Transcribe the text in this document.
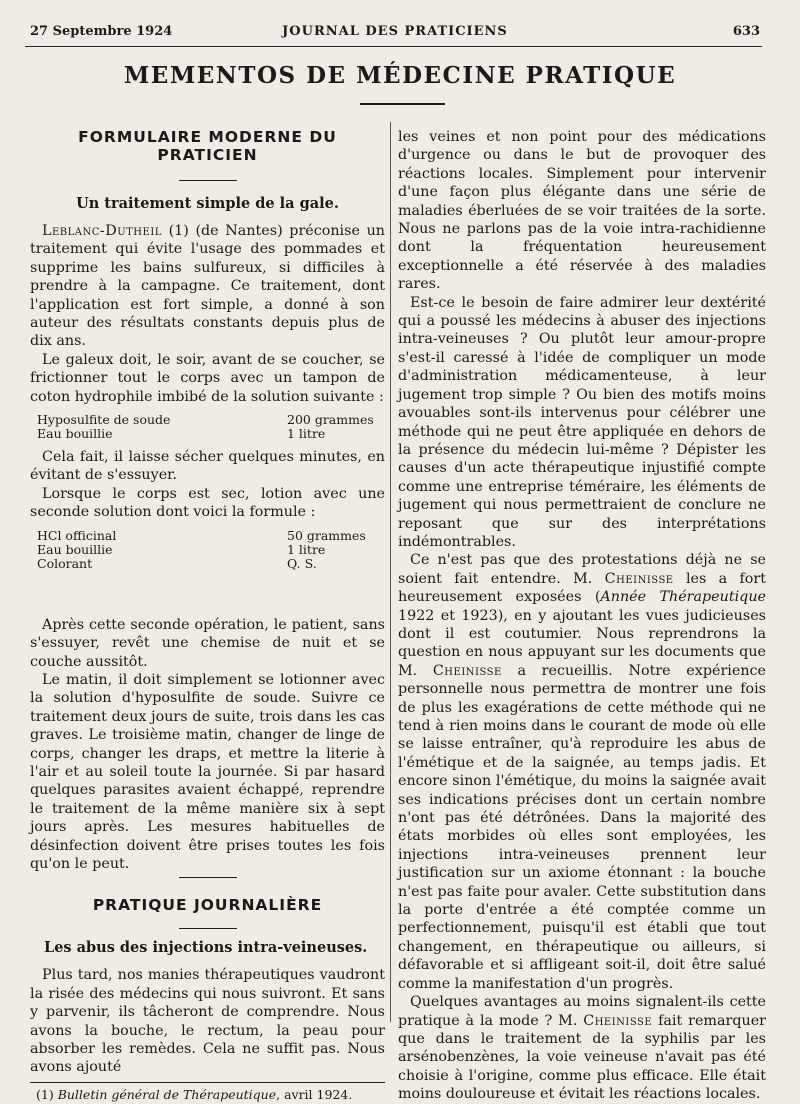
27 Septembre 1924	JOURNAL DES PRATICIENS	633
MEMENTOS DE MÉDECINE PRATIQUE
FORMULAIRE MODERNE DU PRATICIEN
Un traitement simple de la gale.

Leblanc-Dutheil (1) (de Nantes) préconise un traitement qui évite l'usage des pommades et supprime les bains sulfureux, si difficiles à prendre à la campagne. Ce traitement, dont l'application est fort simple, a donné à son auteur des résultats constants depuis plus de dix ans.

Le galeux doit, le soir, avant de se coucher, se frictionner tout le corps avec un tampon de coton hydrophile imbibé de la solution suivante :

Hyposulfite de soude	200 grammes
Eau bouillie	1 litre

Cela fait, il laisse sécher quelques minutes, en évitant de s'essuyer.

Lorsque le corps est sec, lotion avec une seconde solution dont voici la formule :

HCl officinal	50 grammes
Eau bouillie	1 litre
Colorant	Q. S.

Après cette seconde opération, le patient, sans s'essuyer, revêt une chemise de nuit et se couche aussitôt.

Le matin, il doit simplement se lotionner avec la solution d'hyposulfite de soude. Suivre ce traitement deux jours de suite, trois dans les cas graves. Le troisième matin, changer de linge de corps, changer les draps, et mettre la literie à l'air et au soleil toute la journée. Si par hasard quelques parasites avaient échappé, reprendre le traitement de la même manière six à sept jours après. Les mesures habituelles de désinfection doivent être prises toutes les fois qu'on le peut.

PRATIQUE JOURNALIÈRE
Les abus des injections intra-veineuses.

Plus tard, nos manies thérapeutiques vaudront la risée des médecins qui nous suivront. Et sans y parvenir, ils tâcheront de comprendre. Nous avons la bouche, le rectum, la peau pour absorber les remèdes. Cela ne suffit pas. Nous avons ajouté

(1) Bulletin général de Thérapeutique, avril 1924.

les veines et non point pour des médications d'urgence ou dans le but de provoquer des réactions locales. Simplement pour intervenir d'une façon plus élégante dans une série de maladies éberluées de se voir traitées de la sorte. Nous ne parlons pas de la voie intra-rachidienne dont la fréquentation heureusement exceptionnelle a été réservée à des maladies rares.

Est-ce le besoin de faire admirer leur dextérité qui a poussé les médecins à abuser des injections intra-veineuses ? Ou plutôt leur amour-propre s'est-il caressé à l'idée de compliquer un mode d'administration médicamenteuse, à leur jugement trop simple ? Ou bien des motifs moins avouables sont-ils intervenus pour célébrer une méthode qui ne peut être appliquée en dehors de la présence du médecin lui-même ? Dépister les causes d'un acte thérapeutique injustifié compte comme une entreprise téméraire, les éléments de jugement qui nous permettraient de conclure ne reposant que sur des interprétations indémontrables.

Ce n'est pas que des protestations déjà ne se soient fait entendre. M. Cheinisse les a fort heureusement exposées (Année Thérapeutique 1922 et 1923), en y ajoutant les vues judicieuses dont il est coutumier. Nous reprendrons la question en nous appuyant sur les documents que M. Cheinisse a recueillis. Notre expérience personnelle nous permettra de montrer une fois de plus les exagérations de cette méthode qui ne tend à rien moins dans le courant de mode où elle se laisse entraîner, qu'à reproduire les abus de l'émétique et de la saignée, au temps jadis. Et encore sinon l'émétique, du moins la saignée avait ses indications précises dont un certain nombre n'ont pas été détrônées. Dans la majorité des états morbides où elles sont employées, les injections intra-veineuses prennent leur justification sur un axiome étonnant : la bouche n'est pas faite pour avaler. Cette substitution dans la porte d'entrée a été comptée comme un perfectionnement, puisqu'il est établi que tout changement, en thérapeutique ou ailleurs, si défavorable et si affligeant soit-il, doit être salué comme la manifestation d'un progrès.

Quelques avantages au moins signalent-ils cette pratique à la mode ? M. Cheinisse fait remarquer que dans le traitement de la syphilis par les arsénobenzènes, la voie veineuse n'avait pas été choisie à l'origine, comme plus efficace. Elle était moins douloureuse et évitait les réactions locales.
